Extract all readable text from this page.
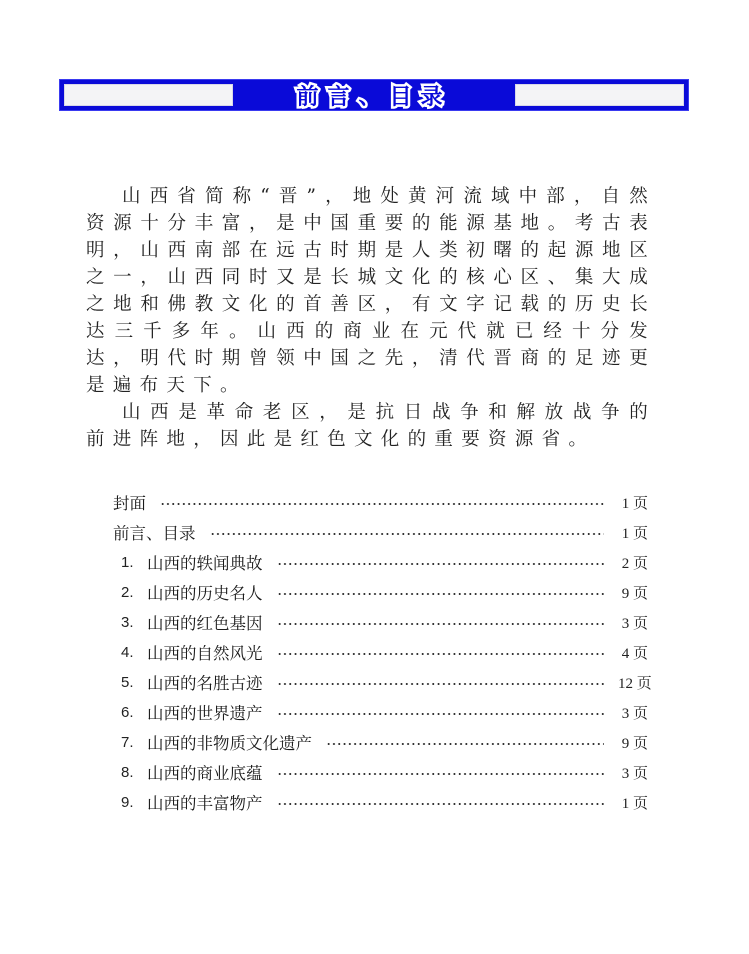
前言、目录

山西省简称“晋”，地处黄河流域中部，自然资源十分丰富，是中国重要的能源基地。考古表明，山西南部在远古时期是人类初曙的起源地区之一，山西同时又是长城文化的核心区、集大成之地和佛教文化的首善区，有文字记载的历史长达三千多年。山西的商业在元代就已经十分发达，明代时期曾领中国之先，清代晋商的足迹更是遍布天下。

山西是革命老区，是抗日战争和解放战争的前进阵地，因此是红色文化的重要资源省。

封面	1 页
前言、目录	1 页
1. 山西的轶闻典故	2 页
2. 山西的历史名人	9 页
3. 山西的红色基因	3 页
4. 山西的自然风光	4 页
5. 山西的名胜古迹	12 页
6. 山西的世界遗产	3 页
7. 山西的非物质文化遗产	9 页
8. 山西的商业底蕴	3 页
9. 山西的丰富物产	1 页
